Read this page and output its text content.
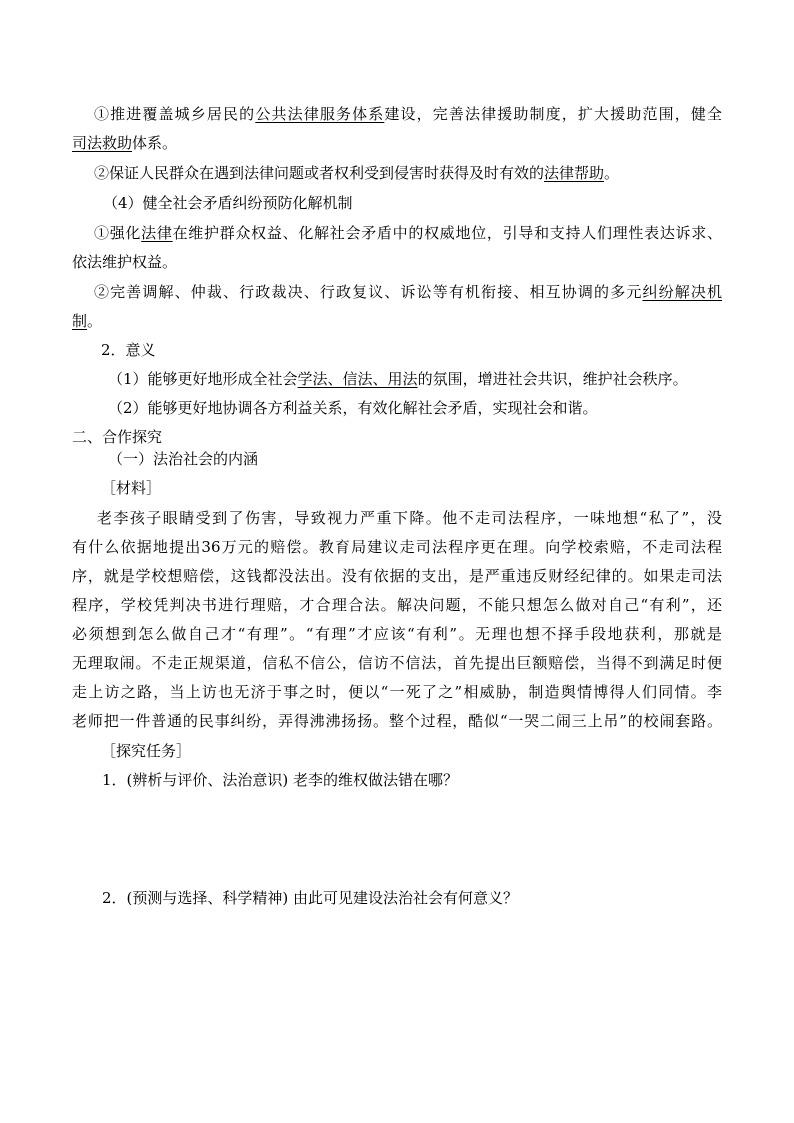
①推进覆盖城乡居民的公共法律服务体系建设，完善法律援助制度，扩大援助范围，健全
司法救助体系。
②保证人民群众在遇到法律问题或者权利受到侵害时获得及时有效的法律帮助。
（4）健全社会矛盾纠纷预防化解机制
①强化法律在维护群众权益、化解社会矛盾中的权威地位，引导和支持人们理性表达诉求、
依法维护权益。
②完善调解、仲裁、行政裁决、行政复议、诉讼等有机衔接、相互协调的多元纠纷解决机
制。
2．意义
（1）能够更好地形成全社会学法、信法、用法的氛围，增进社会共识，维护社会秩序。
（2）能够更好地协调各方利益关系，有效化解社会矛盾，实现社会和谐。
二、合作探究
（一）法治社会的内涵
［材料］
老李孩子眼睛受到了伤害，导致视力严重下降。他不走司法程序，一味地想“私了”，没
有什么依据地提出36万元的赔偿。教育局建议走司法程序更在理。向学校索赔，不走司法程
序，就是学校想赔偿，这钱都没法出。没有依据的支出，是严重违反财经纪律的。如果走司法
程序，学校凭判决书进行理赔，才合理合法。解决问题，不能只想怎么做对自己“有利”，还
必须想到怎么做自己才“有理”。“有理”才应该“有利”。无理也想不择手段地获利，那就是
无理取闹。不走正规渠道，信私不信公，信访不信法，首先提出巨额赔偿，当得不到满足时便
走上访之路，当上访也无济于事之时，便以“一死了之”相威胁，制造舆情博得人们同情。李
老师把一件普通的民事纠纷，弄得沸沸扬扬。整个过程，酷似“一哭二闹三上吊”的校闹套路。
［探究任务］
1．(辨析与评价、法治意识) 老李的维权做法错在哪？
2．(预测与选择、科学精神) 由此可见建设法治社会有何意义？
